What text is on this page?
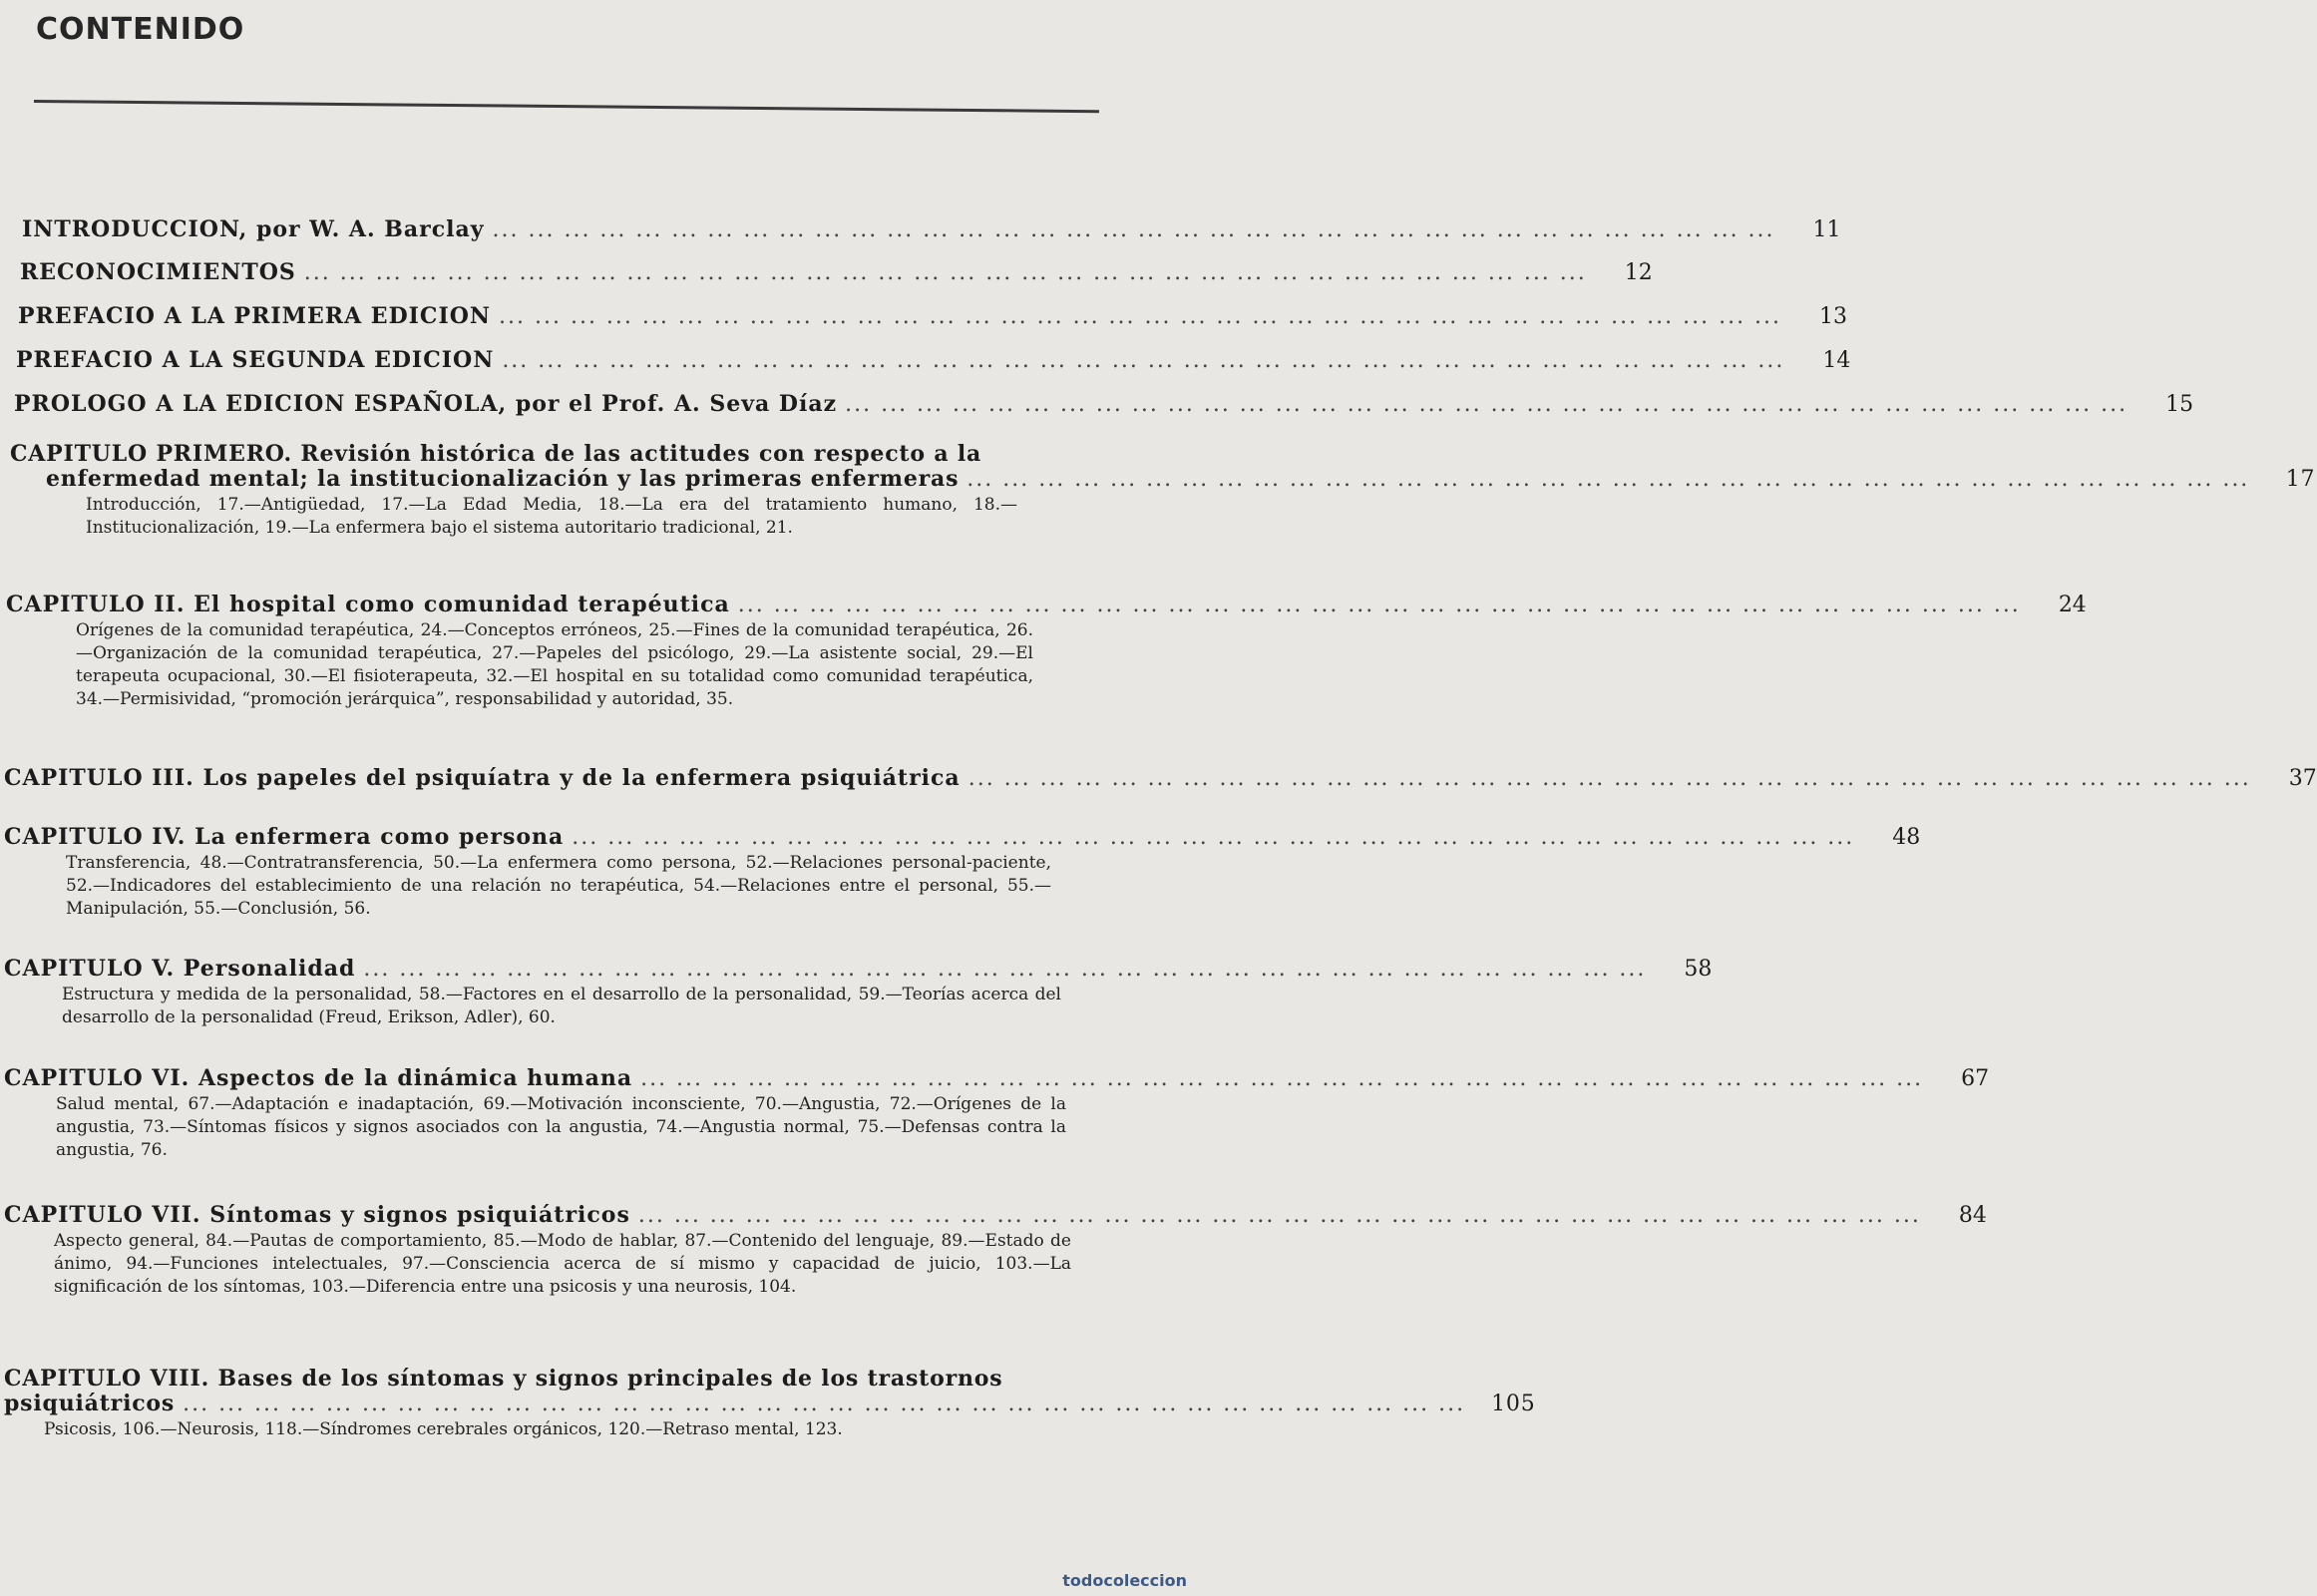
CONTENIDO
INTRODUCCION, por W. A. Barclay ... ... ... ... ... ... ... ... ... ... ... ... ... ... ... ... ... ... ... ... ... ... ... ... ... ... ... ... ... ... ... ... ... ... ... ...	11
RECONOCIMIENTOS ... ... ... ... ... ... ... ... ... ... ... ... ... ... ... ... ... ... ... ... ... ... ... ... ... ... ... ... ... ... ... ... ... ... ... ...	12
PREFACIO A LA PRIMERA EDICION ... ... ... ... ... ... ... ... ... ... ... ... ... ... ... ... ... ... ... ... ... ... ... ... ... ... ... ... ... ... ... ... ... ... ... ...	13
PREFACIO A LA SEGUNDA EDICION ... ... ... ... ... ... ... ... ... ... ... ... ... ... ... ... ... ... ... ... ... ... ... ... ... ... ... ... ... ... ... ... ... ... ... ...	14
PROLOGO A LA EDICION ESPAÑOLA, por el Prof. A. Seva Díaz ... ... ... ... ... ... ... ... ... ... ... ... ... ... ... ... ... ... ... ... ... ... ... ... ... ... ... ... ... ... ... ... ... ... ... ...	15
CAPITULO PRIMERO. Revisión histórica de las actitudes con respecto a la
enfermedad mental; la institucionalización y las primeras enfermeras ... ... ... ... ... ... ... ... ... ... ... ... ... ... ... ... ... ... ... ... ... ... ... ... ... ... ... ... ... ... ... ... ... ... ... ...	17
Introducción, 17.—Antigüedad, 17.—La Edad Media, 18.—La era del tratamiento humano, 18.—Institucionalización, 19.—La enfermera bajo el sistema autoritario tradicional, 21.
CAPITULO II. El hospital como comunidad terapéutica ... ... ... ... ... ... ... ... ... ... ... ... ... ... ... ... ... ... ... ... ... ... ... ... ... ... ... ... ... ... ... ... ... ... ... ...	24
Orígenes de la comunidad terapéutica, 24.—Conceptos erróneos, 25.—Fines de la comunidad terapéutica, 26.—Organización de la comunidad terapéutica, 27.—Papeles del psicólogo, 29.—La asistente social, 29.—El terapeuta ocupacional, 30.—El fisioterapeuta, 32.—El hospital en su totalidad como comunidad terapéutica, 34.—Permisividad, “promoción jerárquica”, responsabilidad y autoridad, 35.
CAPITULO III. Los papeles del psiquíatra y de la enfermera psiquiátrica ... ... ... ... ... ... ... ... ... ... ... ... ... ... ... ... ... ... ... ... ... ... ... ... ... ... ... ... ... ... ... ... ... ... ... ...	37
CAPITULO IV. La enfermera como persona ... ... ... ... ... ... ... ... ... ... ... ... ... ... ... ... ... ... ... ... ... ... ... ... ... ... ... ... ... ... ... ... ... ... ... ...	48
Transferencia, 48.—Contratransferencia, 50.—La enfermera como persona, 52.—Relaciones personal-paciente, 52.—Indicadores del establecimiento de una relación no terapéutica, 54.—Relaciones entre el personal, 55.—Manipulación, 55.—Conclusión, 56.
CAPITULO V. Personalidad ... ... ... ... ... ... ... ... ... ... ... ... ... ... ... ... ... ... ... ... ... ... ... ... ... ... ... ... ... ... ... ... ... ... ... ...	58
Estructura y medida de la personalidad, 58.—Factores en el desarrollo de la personalidad, 59.—Teorías acerca del desarrollo de la personalidad (Freud, Erikson, Adler), 60.
CAPITULO VI. Aspectos de la dinámica humana ... ... ... ... ... ... ... ... ... ... ... ... ... ... ... ... ... ... ... ... ... ... ... ... ... ... ... ... ... ... ... ... ... ... ... ...	67
Salud mental, 67.—Adaptación e inadaptación, 69.—Motivación inconsciente, 70.—Angustia, 72.—Orígenes de la angustia, 73.—Síntomas físicos y signos asociados con la angustia, 74.—Angustia normal, 75.—Defensas contra la angustia, 76.
CAPITULO VII. Síntomas y signos psiquiátricos ... ... ... ... ... ... ... ... ... ... ... ... ... ... ... ... ... ... ... ... ... ... ... ... ... ... ... ... ... ... ... ... ... ... ... ...	84
Aspecto general, 84.—Pautas de comportamiento, 85.—Modo de hablar, 87.—Contenido del lenguaje, 89.—Estado de ánimo, 94.—Funciones intelectuales, 97.—Consciencia acerca de sí mismo y capacidad de juicio, 103.—La significación de los síntomas, 103.—Diferencia entre una psicosis y una neurosis, 104.
CAPITULO VIII. Bases de los síntomas y signos principales de los trastornos
psiquiátricos ... ... ... ... ... ... ... ... ... ... ... ... ... ... ... ... ... ... ... ... ... ... ... ... ... ... ... ... ... ... ... ... ... ... ... ... 105
Psicosis, 106.—Neurosis, 118.—Síndromes cerebrales orgánicos, 120.—Retraso mental, 123.
todocoleccion
